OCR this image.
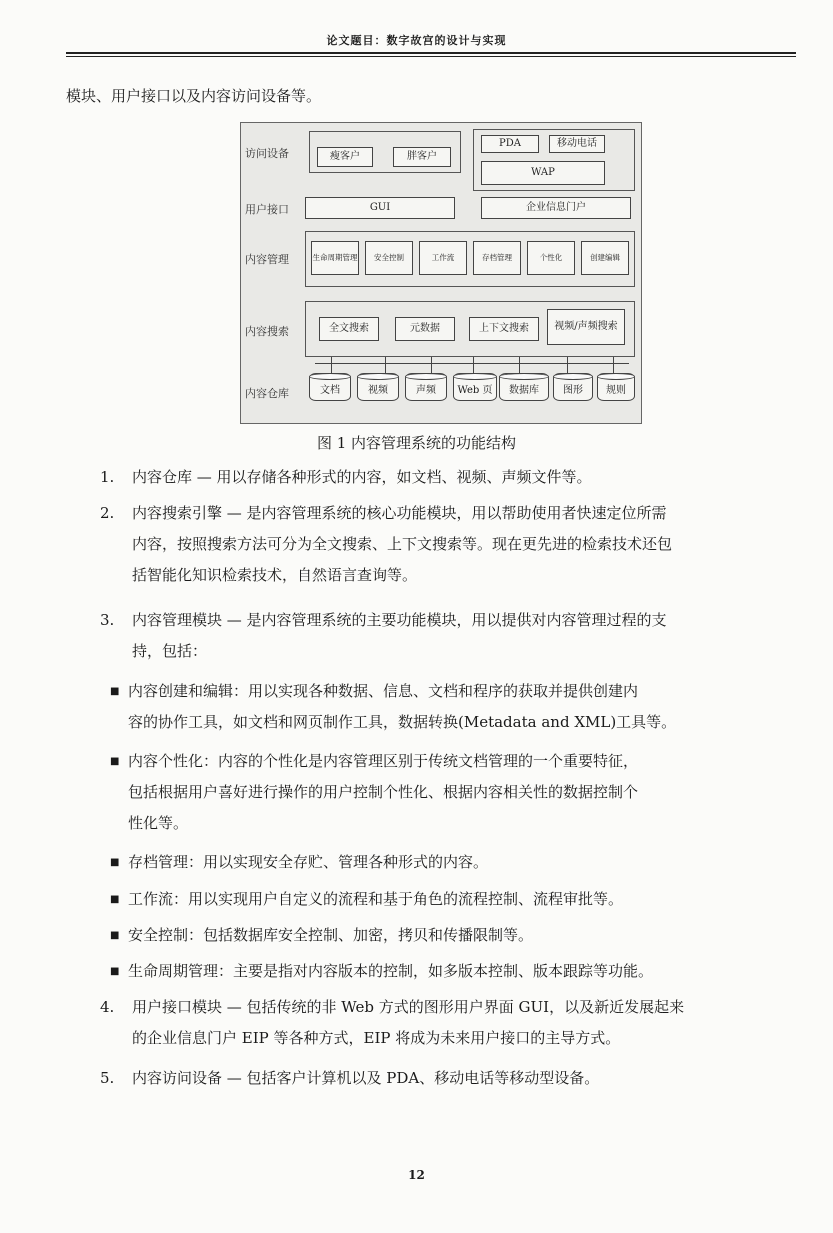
论文题目：数字故宫的设计与实现
模块、用户接口以及内容访问设备等。
访问设备	瘦客户	胖客户
PDA	移动电话
WAP
用户接口	GUI	企业信息门户
内容管理	生命周期管理	安全控制	工作流	存档管理	个性化	创建编辑
内容搜索	全文搜索	元数据	上下文搜索	视频/声频搜索
内容仓库	文档	视频	声频	Web 页	数据库	图形	规则
图 1 内容管理系统的功能结构
1. 内容仓库 — 用以存储各种形式的内容，如文档、视频、声频文件等。
2. 内容搜索引擎 — 是内容管理系统的核心功能模块，用以帮助使用者快速定位所需
内容，按照搜索方法可分为全文搜索、上下文搜索等。现在更先进的检索技术还包
括智能化知识检索技术，自然语言查询等。
3. 内容管理模块 — 是内容管理系统的主要功能模块，用以提供对内容管理过程的支
持，包括：
■ 内容创建和编辑：用以实现各种数据、信息、文档和程序的获取并提供创建内
容的协作工具，如文档和网页制作工具，数据转换(Metadata and XML)工具等。
■ 内容个性化：内容的个性化是内容管理区别于传统文档管理的一个重要特征，
包括根据用户喜好进行操作的用户控制个性化、根据内容相关性的数据控制个
性化等。
■ 存档管理：用以实现安全存贮、管理各种形式的内容。
■ 工作流：用以实现用户自定义的流程和基于角色的流程控制、流程审批等。
■ 安全控制：包括数据库安全控制、加密，拷贝和传播限制等。
■ 生命周期管理：主要是指对内容版本的控制，如多版本控制、版本跟踪等功能。
4. 用户接口模块 — 包括传统的非 Web 方式的图形用户界面 GUI，以及新近发展起来
的企业信息门户 EIP 等各种方式，EIP 将成为未来用户接口的主导方式。
5. 内容访问设备 — 包括客户计算机以及 PDA、移动电话等移动型设备。
12
